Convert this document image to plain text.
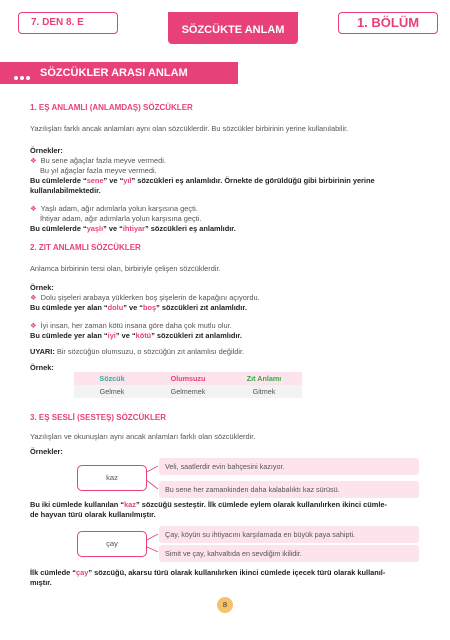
7. DEN 8. E
SÖZCÜKTE ANLAM	1. BÖLÜM
SÖZCÜKLER ARASI ANLAM İLİŞKİLERİ
1. EŞ ANLAMLI (ANLAMDAŞ) SÖZCÜKLER
Yazılışları farklı ancak anlamları aynı olan sözcüklerdir. Bu sözcükler birbirinin yerine kullanılabilir.
Örnekler:
❖ Bu sene ağaçlar fazla meyve vermedi.
Bu yıl ağaçlar fazla meyve vermedi.
Bu cümlelerde “sene” ve “yıl” sözcükleri eş anlamlıdır. Örnekte de görüldüğü gibi birbirinin yerine
kullanılabilmektedir.
❖ Yaşlı adam, ağır adımlarla yolun karşısına geçti.
İhtiyar adam, ağır adımlarla yolun karşısına geçti.
Bu cümlelerde “yaşlı” ve “ihtiyar” sözcükleri eş anlamlıdır.
2. ZIT ANLAMLI SÖZCÜKLER
Anlamca birbirinin tersi olan, birbiriyle çelişen sözcüklerdir.
Örnek:
❖ Dolu şişeleri arabaya yüklerken boş şişelerin de kapağını açıyordu.
Bu cümlede yer alan “dolu” ve “boş” sözcükleri zıt anlamlıdır.
❖ İyi insan, her zaman kötü insana göre daha çok mutlu olur.
Bu cümlede yer alan “iyi” ve “kötü” sözcükleri zıt anlamlıdır.
UYARI: Bir sözcüğün olumsuzu, o sözcüğün zıt anlamlısı değildir.
Örnek:
Sözcük	Olumsuzu	Zıt Anlamı
Gelmek	Gelmemek	Gitmek
3. EŞ SESLİ (SESTEŞ) SÖZCÜKLER
Yazılışları ve okunuşları aynı ancak anlamları farklı olan sözcüklerdir.
Örnekler:
kaz
Veli, saatlerdir evin bahçesini kazıyor.
Bu sene her zamankinden daha kalabalıktı kaz sürüsü.
Bu iki cümlede kullanılan “kaz” sözcüğü sesteştir. İlk cümlede eylem olarak kullanılırken ikinci cümle-
de hayvan türü olarak kullanılmıştır.
çay
Çay, köyün su ihtiyacını karşılamada en büyük paya sahipti.
Simit ve çay, kahvaltıda en sevdiğim ikilidir.
İlk cümlede “çay” sözcüğü, akarsu türü olarak kullanılırken ikinci cümlede içecek türü olarak kullanıl-
mıştır.
8
